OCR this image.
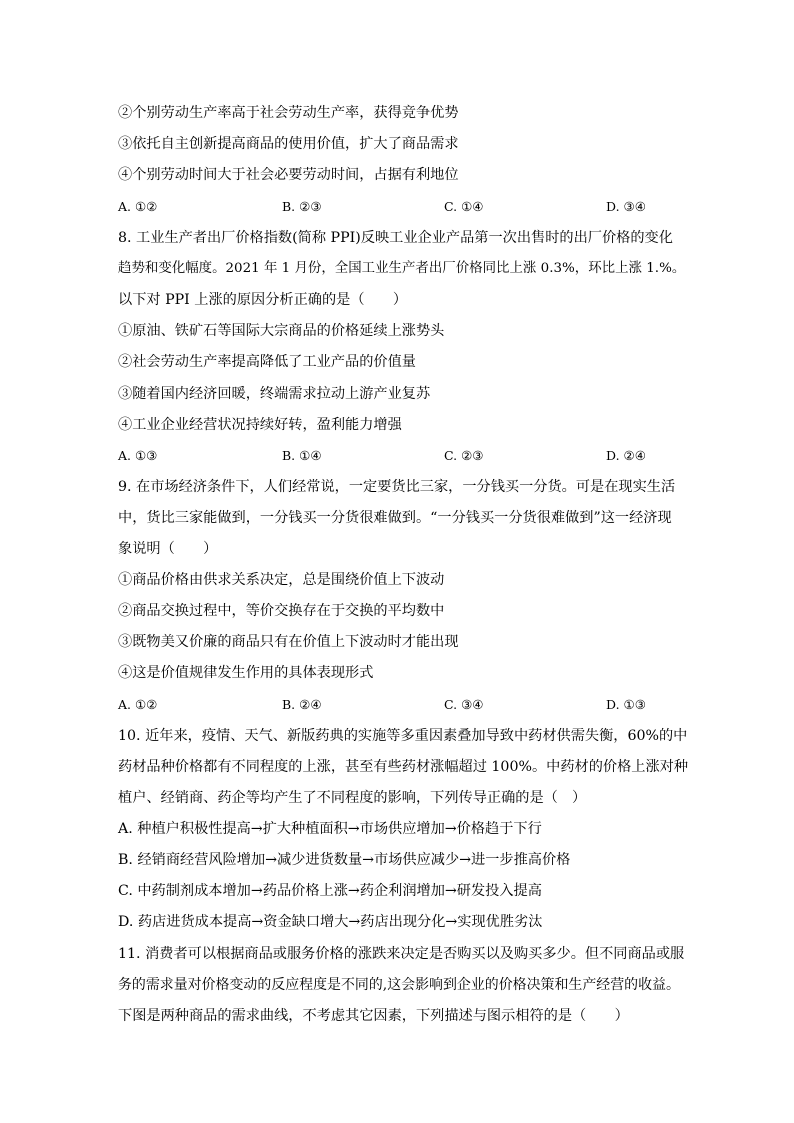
②个别劳动生产率高于社会劳动生产率，获得竞争优势
③依托自主创新提高商品的使用价值，扩大了商品需求
④个别劳动时间大于社会必要劳动时间，占据有利地位
A. ①②	B. ②③	C. ①④	D. ③④
8. 工业生产者出厂价格指数(简称 PPI)反映工业企业产品第一次出售时的出厂价格的变化
趋势和变化幅度。2021 年 1 月份，全国工业生产者出厂价格同比上涨 0.3%，环比上涨 1.%。
以下对 PPI 上涨的原因分析正确的是（　　）
①原油、铁矿石等国际大宗商品的价格延续上涨势头
②社会劳动生产率提高降低了工业产品的价值量
③随着国内经济回暖，终端需求拉动上游产业复苏
④工业企业经营状况持续好转，盈利能力增强
A. ①③	B. ①④	C. ②③	D. ②④
9. 在市场经济条件下，人们经常说，一定要货比三家，一分钱买一分货。可是在现实生活
中，货比三家能做到，一分钱买一分货很难做到。“一分钱买一分货很难做到”这一经济现
象说明（　　）
①商品价格由供求关系决定，总是围绕价值上下波动
②商品交换过程中，等价交换存在于交换的平均数中
③既物美又价廉的商品只有在价值上下波动时才能出现
④这是价值规律发生作用的具体表现形式
A. ①②	B. ②④	C. ③④	D. ①③
10. 近年来，疫情、天气、新版药典的实施等多重因素叠加导致中药材供需失衡，60%的中
药材品种价格都有不同程度的上涨，甚至有些药材涨幅超过 100%。中药材的价格上涨对种
植户、经销商、药企等均产生了不同程度的影响，下列传导正确的是（　）
A. 种植户积极性提高→扩大种植面积→市场供应增加→价格趋于下行
B. 经销商经营风险增加→减少进货数量→市场供应减少→进一步推高价格
C. 中药制剂成本增加→药品价格上涨→药企利润增加→研发投入提高
D. 药店进货成本提高→资金缺口增大→药店出现分化→实现优胜劣汰
11. 消费者可以根据商品或服务价格的涨跌来决定是否购买以及购买多少。但不同商品或服
务的需求量对价格变动的反应程度是不同的,这会影响到企业的价格决策和生产经营的收益。
下图是两种商品的需求曲线，不考虑其它因素，下列描述与图示相符的是（　　）
